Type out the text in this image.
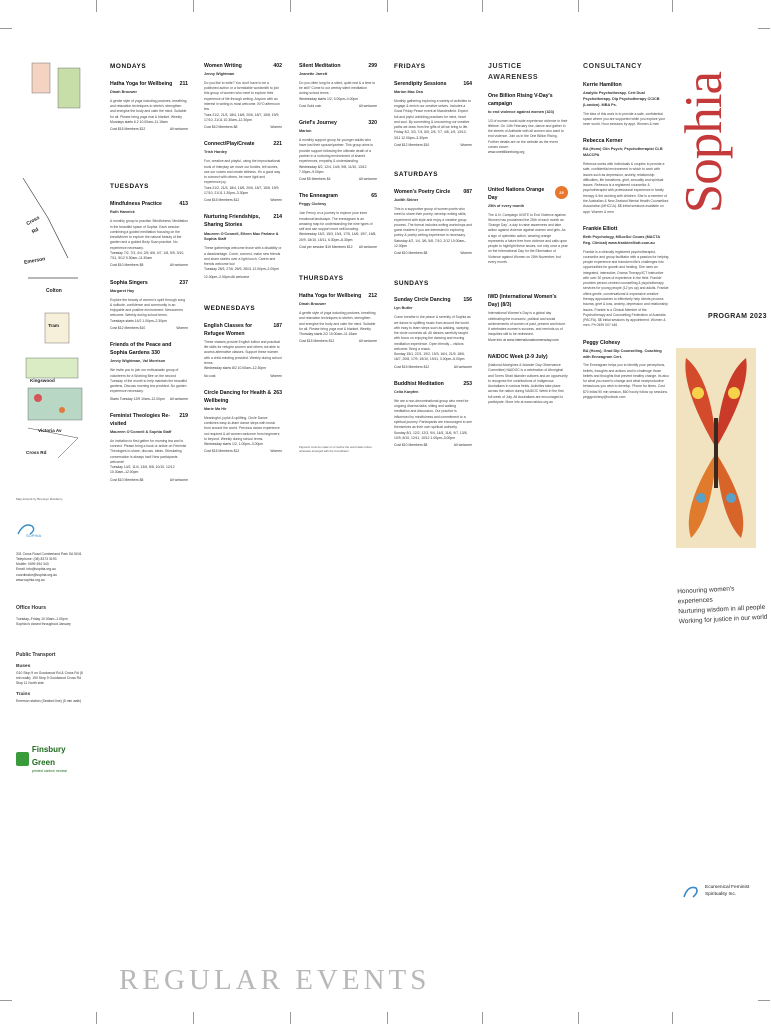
Cross
Rd
Emerson
Colton
Tram
Kingswood
Victoria Av
Cross Rd
Map artwork by Bronwyn Rowberry
SOPHIA
331 Cross Road Cumberland Park SA 5041
Telephone: (08) 8373 3193
Mobile: 0499 494 343
Email: info@sophia.org.au
coordinator@sophia.org.au
www.sophia.org.au
Office Hours
Tuesday–Friday 10.00am–1.00pm
Sophia is closed throughout January
Public Transport
Buses
G10 Stop 9 on Goodwood Rd & Cross Rd (5 min walk); 190 Stop 9 Goodwood Cross Rd Stop 11 North side
Trains
Emerson station (Seaford line) (5 min walk)
Finsbury Green
printed carbon neutral
MONDAYS
Hatha Yoga for Wellbeing 211
Dinah Brouwer
A gentle style of yoga including postures, breathing and relaxation techniques to stretch, strengthen and energise the body and calm the mind. Suitable for all. Please bring yoga mat & blanket. Weekly
Mondays starts 6.2 10.00am–11.15am
Cost $15 Members $12	All welcome
TUESDAYS
Mindfulness Practice	413
Ruth Hamrick
A monthly group to practise 'Mindfulness' Meditation in the beautiful space of Sophia. Each session combining a guided meditation focusing on the breath/inner to explore the natural beauty of the garden and a guided Body Scan practice. No experience necessary.
Tuesday 7/2, 7/3, 4/4, 2/5, 6/6, 4/7, 1/8, 5/9, 3/10, 7/11, 5/12 9.30am–11.30am
Cost $10 Members $8	All welcome
Sophia Singers	237
Margaret Hay
Explore the beauty of women's spirit through song & solitude, confidence and community in an enjoyable and positive environment. Newcomers welcome. Weekly during school terms.
Tuesdays starts 14/2 1.00pm–2.30pm
Cost $12 Members $10	Women
Friends of the Peace and Sophia Gardens 330
Jenny Wightman, Val Morrison
We invite you to join our enthusiastic group of volunteers for a Working Bee on the second Tuesday of the month to help maintain the beautiful gardens. Discuss morning tea provided. No garden experience necessary.
Starts Tuesday 12/9 10am–12.00pm All welcome
Feminist Theologies Re-visited
219
Maureen O'Connell & Sophia Staff
An invitation to first gather for morning tea and to connect. Please bring a book or article on Feminist Theologies to share, discuss, ideas. Stimulating conversation is always had! New participants welcome!
Tuesday 14/2, 11/4, 13/6, 8/8, 10/10, 12/12 10.30am–12.00pm
Cost $10 Members $8	All welcome
Women Writing	402
Jenny Wightman
Do you like to write? You don't have to be a published author or a formidable wordsmith to join this group of women who meet to explore their experience of life through writing. Anyone with an interest in writing is most welcome. BYO afternoon tea.
Tues 21/2, 21/3, 18/4, 16/5, 20/6, 18/7, 15/8, 19/9, 17/10, 21/11 10.30am–12.30pm
Cost $10 Members $8	Women
Connect/Play/Create	221
Trish Hardey
Fun, creative and playful, using the improvisational tools of Interplay we move our bodies, tell stories, use our voices and create stillness. It's a good way to connect with others, be more light and experience joy.
Tues 21/2, 21/3, 18/4, 16/5, 20/6, 18/7, 15/8, 19/9, 17/10, 21/11 1.30pm–3.30pm
Cost $15 Members $12	Women
Nurturing Friendships, Sharing Stories
214
Maureen O'Connell, Eileen Mac Farlane & Sophia Staff
These gatherings welcome those with a disability or a disadvantage. Come, connect, make new friends and share stories over a light lunch. Carers and friends welcome too!
Tuesday 28/3, 27/6, 26/9, 28/11 12.00pm–2.00pm
12.00pm–2.00pm All welcome
WEDNESDAYS
English Classes for Refugee Women
187
These classes provide English tuition and practical life skills for refugee women and others not able to access alternative classes. Support these women with a child-minding provided. Weekly during school terms.
Wednesday starts 8/2 10.00am–12.30pm
No cost	Women
Circle Dancing for Health & Wellbeing
263
Marie Ma Hir
Meaningful, joyful & uplifting, Circle Dance combines easy-to-learn dance steps with music from around the world. Previous dance experience not required & all women welcome from beginners to beyond. Weekly during school terms.
Wednesday starts 1/2, 1.00pm–3.00pm
Cost $15 Members $12	Women
Silent Meditation	299
Jeanette Jarrett
Do you often long for a silent, quiet rest & a time to be still? Come to our weekly silent meditation during school terms.
Wednesday starts 1/2, 3.00pm–4.00pm
Cost Gold coin	All welcome
Grief's Journey	320
Marion
A monthly support group for younger adults who have lost their spouse/partner. This group aims to provide support following the ultimate death of a partner in a nurturing environment of shared experiences, empathy & understanding.
Wednesday 8/2, 12/4, 14/6, 9/8, 11/10, 13/12 7.00pm–9.00pm
Cost $5 Members $4	All welcome
The Enneagram	65
Peggy Clohesy
Join Penny on a journey to explore your inner emotional landscape. The enneagram is an amazing map for understanding the nine types of self and can support more self-knowing.
Wednesday 15/2, 15/3, 19/4, 17/5, 14/6, 19/7, 16/8, 20/9, 18/10, 15/11, 6.30pm–8.30pm
Cost per session $15 Members $12 All welcome
THURSDAYS
Hatha Yoga for Wellbeing 212
Dinah Brouwer
A gentle style of yoga including postures, breathing and relaxation techniques to stretch, strengthen and energise the body and calm the mind. Suitable for all. Please bring yoga mat & blanket. Weekly
Thursday starts 2/2 10.00am–11.15am
Cost $15 Members $12	All welcome
Payment must be made on or before the event date unless otherwise arranged with the Coordinator
FRIDAYS
Serendipity Sessions	164
Marion Mac Dea
Monthly gathering exploring a variety of activities to engage & enrich our creative selves. Includes a Good Friday Peace event at Macclesfield. Expect full and joyful unfolding practices for mind, heart and soul. By connecting & uncovering our creative paths we draw from the gifts of all we bring to life.
Friday 3/2, 3/3, 7/4, 5/5, 2/6, 7/7, 4/8, 1/9, 13/10, 3/11 12.00pm–3.30pm
Cost $12 Members $10	Women
SATURDAYS
Women's Poetry Circle	087
Judith Shiner
This is a supportive group of women poets who meet to share their poetry; develop writing skills, experiment with style and enjoy a creative group process. The format includes writing workshops and guest readers if you are interested in exploring poetry & poetry writing experience is necessary.
Saturday 4/2, 1/4, 3/6, 5/8, 7/10, 2/12 10.00am–12.00pm
Cost $10 Members $8	Women
SUNDAYS
Sunday Circle Dancing 156
Lyn Butler
Come breathe in the peace & serenity of Sophia as we dance to uplifting music from around the world with easy to learn steps such as walking, swaying; the circle connects all. All dances carefully taught with focus on enjoying the dancing and moving meditation experience. Open friendly – visitors welcome. Bring a snack.
Sunday 15/1, 22/1, 19/2, 19/3, 16/4, 21/5, 18/6, 16/7, 20/8, 17/9, 15/10, 19/11, 3.00pm–5.00pm
Cost $15 Members $12	All welcome
Buddhist Meditation	253
Celia Karpfen
We are a non-denominational group who meet for ongoing dharma talks, sitting and walking meditation and discussion. Our practice is influenced by mindfulness and commitment to a spiritual journey. Participants are encouraged to see themselves as their own spiritual authority.
Sunday 8/1, 12/2, 12/3, 9/4, 14/5, 11/6, 9/7, 13/8, 10/9, 8/10, 12/11, 10/12 1.00pm–3.00pm
Cost $10 Members $8	All welcome
JUSTICE AWARENESS
One Billion Rising V-Day's campaign
to end violence against women (323)
1/3 of women world-wide experience violence in their lifetime. On 14th February rise, dance and gather in the streets of Adelaide with all women who want to end violence. Join us in the One Billion Rising. Further details are on the website as the event comes closer.
www.onebillionrising.org
United Nations Orange Day
25
25th of every month
The U.N. Campaign UNITE to End Violence against Women has proclaimed the 25th of each month as 'Orange Day', a day to raise awareness and take action against violence against women and girls. As a sign of optimistic action, wearing orange represents a future free from violence and calls upon people to highlight these issues, not only once a year on the International Day for the Elimination of Violence against Women on 25th November, but every month.
IWD (International Women's Day) (8/3)
International Women's Day is a global day celebrating the economic, political and social achievements of women of past, present and future. It celebrates women's success, and reminds us of inequities still to be redressed.
More info at www.internationalwomensday.com
NAIDOC Week (2-9 July)
(National Aborigines & Islander Day Observance Committee) NAIDOC is a celebration of Aboriginal and Torres Strait Islander cultures and an opportunity to recognise the contributions of Indigenous Australians in various fields. Activities take place across the nation during NAIDOC Week in the first full week of July. All Australians are encouraged to participate. More info at www.naidoc.org.au
CONSULTANCY
Kerrie Hamilton
Analytic Psychotherapy. Cert Dual Psychotherapy. Dip Psychotherapy CCICB (London). MBA Ps.
The idea of this work is to provide a safe, confidential space where you are supported while you explore your inner world. Hour sessions by appt. Women & men
Rebecca Kerner
BA (Hons) Clin Psych; Psychotherapist CLB MACCPA
Rebecca works with individuals & couples to provide a safe, confidential environment in which to work with issues such as depression, anxiety, relationship difficulties, life transitions, grief, sexuality and spiritual issues. Rebecca is a registered counsellor & psychotherapist with professional experience in family therapy & the working with children. She is a member of the Australian & New Zealand Mental Health Counsellors Association (MHCCA). $$ Initial sessions available on appt. Women & men
Frankie Elliott
Beth Psychology, MSocSci Couns (MACTA Reg. Clinical) www.frankieelliott.com.au
Frankie is a clinically registered psychotherapist, counsellor and group facilitator with a passion for helping people experience and transform life's challenges into opportunities for growth and healing. She uses an integrated, interactive, Drama Therapy/ICT instructive with over 30 years of experience in the field. Frankie provides person-centred counselling & psychotherapy services for young people (12 yrs up) and adults. Frankie offers gentle, conversational & expressive creative therapy approaches to effectively help clients process trauma, grief & loss, anxiety, depression and relationship issues. Frankie is a Clinical Member of the Psychotherapy and Counselling Federation of Australia (PACFA). $$ Initial sessions by appointment. Women & men. Ph 0499 007 446
Peggy Clohesy
BA (Hons), Grad Dip Counselling. Coaching with Enneagram Cert.
The Enneagram helps you to identify your perceptions, beliefs, thoughts and actions and to challenge those beliefs and thoughts that prevent healthy change. Its also for what you want to change and what new/productive behaviours you wish to develop. Phone for times. Cost $70 initial 90 min session, $60 hourly follow up sessions. peggyclohesy@outlook.com
Sophia
PROGRAM 2023
Honouring women's experiences
Nurturing wisdom in all people
Working for justice in our world
Ecumenical Feminist
Spirituality Inc.
REGULAR EVENTS
